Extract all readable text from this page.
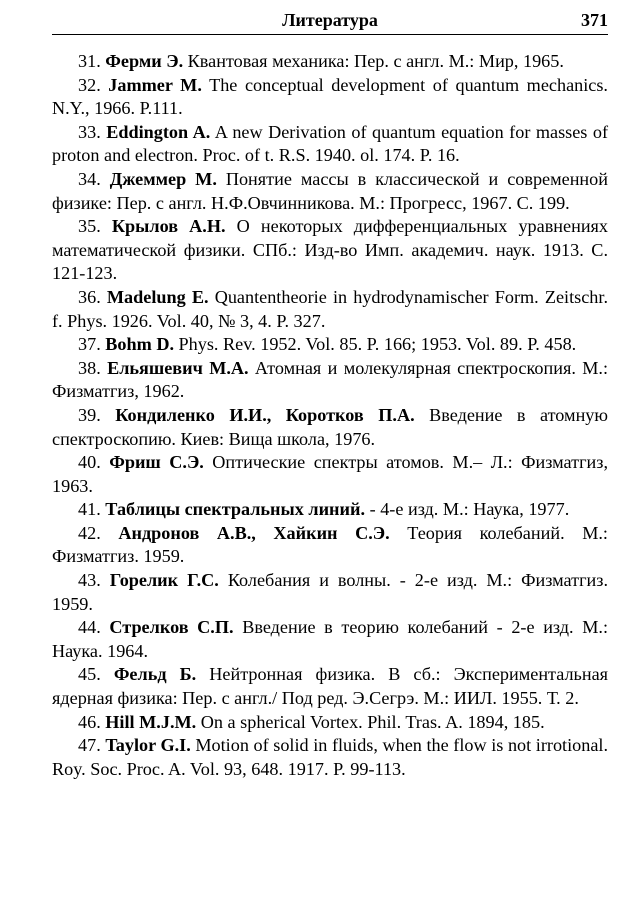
Литература	371
31. Ферми Э. Квантовая механика: Пер. с англ. М.: Мир, 1965.
32. Jammer M. The conceptual development of quantum mechanics. N.Y., 1966. P.111.
33. Eddington A. A new Derivation of quantum equation for masses of proton and electron. Proc. of t. R.S. 1940. ol. 174. P. 16.
34. Джеммер М. Понятие массы в классической и современной физике: Пер. с англ. Н.Ф.Овчинникова. М.: Прогресс, 1967. С. 199.
35. Крылов А.Н. О некоторых дифференциальных уравнениях математической физики. СПб.: Изд-во Имп. академич. наук. 1913. С. 121-123.
36. Madelung E. Quantentheorie in hydrodynamischer Form. Zeitschr. f. Phys. 1926. Vol. 40, № 3, 4. P. 327.
37. Bohm D. Phys. Rev. 1952. Vol. 85. P. 166; 1953. Vol. 89. P. 458.
38. Ельяшевич М.А. Атомная и молекулярная спектроскопия. М.: Физматгиз, 1962.
39. Кондиленко И.И., Коротков П.А. Введение в атомную спектроскопию. Киев: Вища школа, 1976.
40. Фриш С.Э. Оптические спектры атомов. М.– Л.: Физматгиз, 1963.
41. Таблицы спектральных линий. - 4-е изд. М.: Наука, 1977.
42. Андронов А.В., Хайкин С.Э. Теория колебаний. М.: Физматгиз. 1959.
43. Горелик Г.С. Колебания и волны. - 2-е изд. М.: Физматгиз. 1959.
44. Стрелков С.П. Введение в теорию колебаний - 2-е изд. М.: Наука. 1964.
45. Фельд Б. Нейтронная физика. В сб.: Экспериментальная ядерная физика: Пер. с англ./ Под ред. Э.Сегрэ. М.: ИИЛ. 1955. Т. 2.
46. Hill M.J.M. On a spherical Vortex. Phil. Tras. A. 1894, 185.
47. Taylor G.I. Motion of solid in fluids, when the flow is not irrotional. Roy. Soc. Proc. A. Vol. 93, 648. 1917. P. 99-113.
